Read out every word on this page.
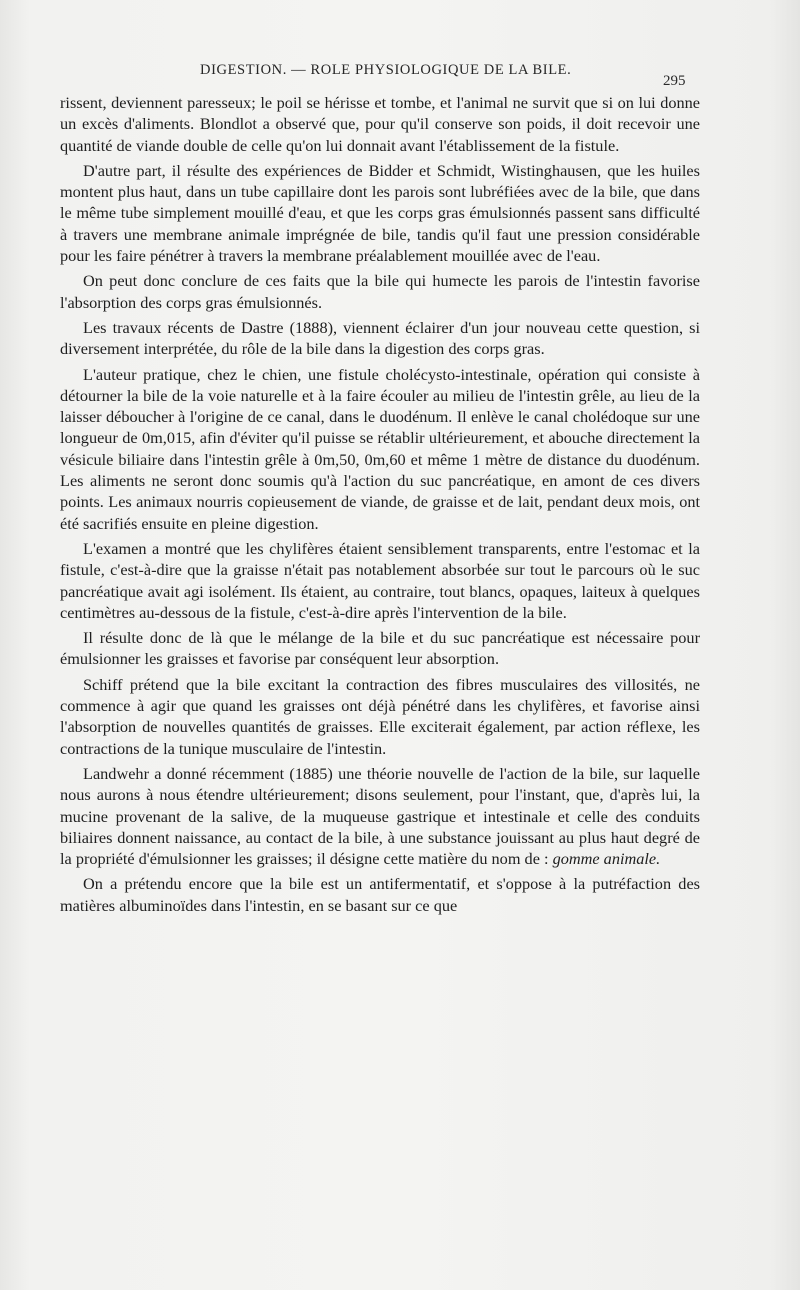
DIGESTION. — ROLE PHYSIOLOGIQUE DE LA BILE.
295

rissent, deviennent paresseux; le poil se hérisse et tombe, et l'animal ne survit que si on lui donne un excès d'aliments. Blondlot a observé que, pour qu'il conserve son poids, il doit recevoir une quantité de viande double de celle qu'on lui donnait avant l'établissement de la fistule.

D'autre part, il résulte des expériences de Bidder et Schmidt, Wistinghausen, que les huiles montent plus haut, dans un tube capillaire dont les parois sont lubréfiées avec de la bile, que dans le même tube simplement mouillé d'eau, et que les corps gras émulsionnés passent sans difficulté à travers une membrane animale imprégnée de bile, tandis qu'il faut une pression considérable pour les faire pénétrer à travers la membrane préalablement mouillée avec de l'eau.

On peut donc conclure de ces faits que la bile qui humecte les parois de l'intestin favorise l'absorption des corps gras émulsionnés.

Les travaux récents de Dastre (1888), viennent éclairer d'un jour nouveau cette question, si diversement interprétée, du rôle de la bile dans la digestion des corps gras.

L'auteur pratique, chez le chien, une fistule cholécysto-intestinale, opération qui consiste à détourner la bile de la voie naturelle et à la faire écouler au milieu de l'intestin grêle, au lieu de la laisser déboucher à l'origine de ce canal, dans le duodénum. Il enlève le canal cholédoque sur une longueur de 0m,015, afin d'éviter qu'il puisse se rétablir ultérieurement, et abouche directement la vésicule biliaire dans l'intestin grêle à 0m,50, 0m,60 et même 1 mètre de distance du duodénum. Les aliments ne seront donc soumis qu'à l'action du suc pancréatique, en amont de ces divers points. Les animaux nourris copieusement de viande, de graisse et de lait, pendant deux mois, ont été sacrifiés ensuite en pleine digestion.

L'examen a montré que les chylifères étaient sensiblement transparents, entre l'estomac et la fistule, c'est-à-dire que la graisse n'était pas notablement absorbée sur tout le parcours où le suc pancréatique avait agi isolément. Ils étaient, au contraire, tout blancs, opaques, laiteux à quelques centimètres au-dessous de la fistule, c'est-à-dire après l'intervention de la bile.

Il résulte donc de là que le mélange de la bile et du suc pancréatique est nécessaire pour émulsionner les graisses et favorise par conséquent leur absorption.

Schiff prétend que la bile excitant la contraction des fibres musculaires des villosités, ne commence à agir que quand les graisses ont déjà pénétré dans les chylifères, et favorise ainsi l'absorption de nouvelles quantités de graisses. Elle exciterait également, par action réflexe, les contractions de la tunique musculaire de l'intestin.

Landwehr a donné récemment (1885) une théorie nouvelle de l'action de la bile, sur laquelle nous aurons à nous étendre ultérieurement; disons seulement, pour l'instant, que, d'après lui, la mucine provenant de la salive, de la muqueuse gastrique et intestinale et celle des conduits biliaires donnent naissance, au contact de la bile, à une substance jouissant au plus haut degré de la propriété d'émulsionner les graisses; il désigne cette matière du nom de : gomme animale.

On a prétendu encore que la bile est un antifermentatif, et s'oppose à la putréfaction des matières albuminoïdes dans l'intestin, en se basant sur ce que
